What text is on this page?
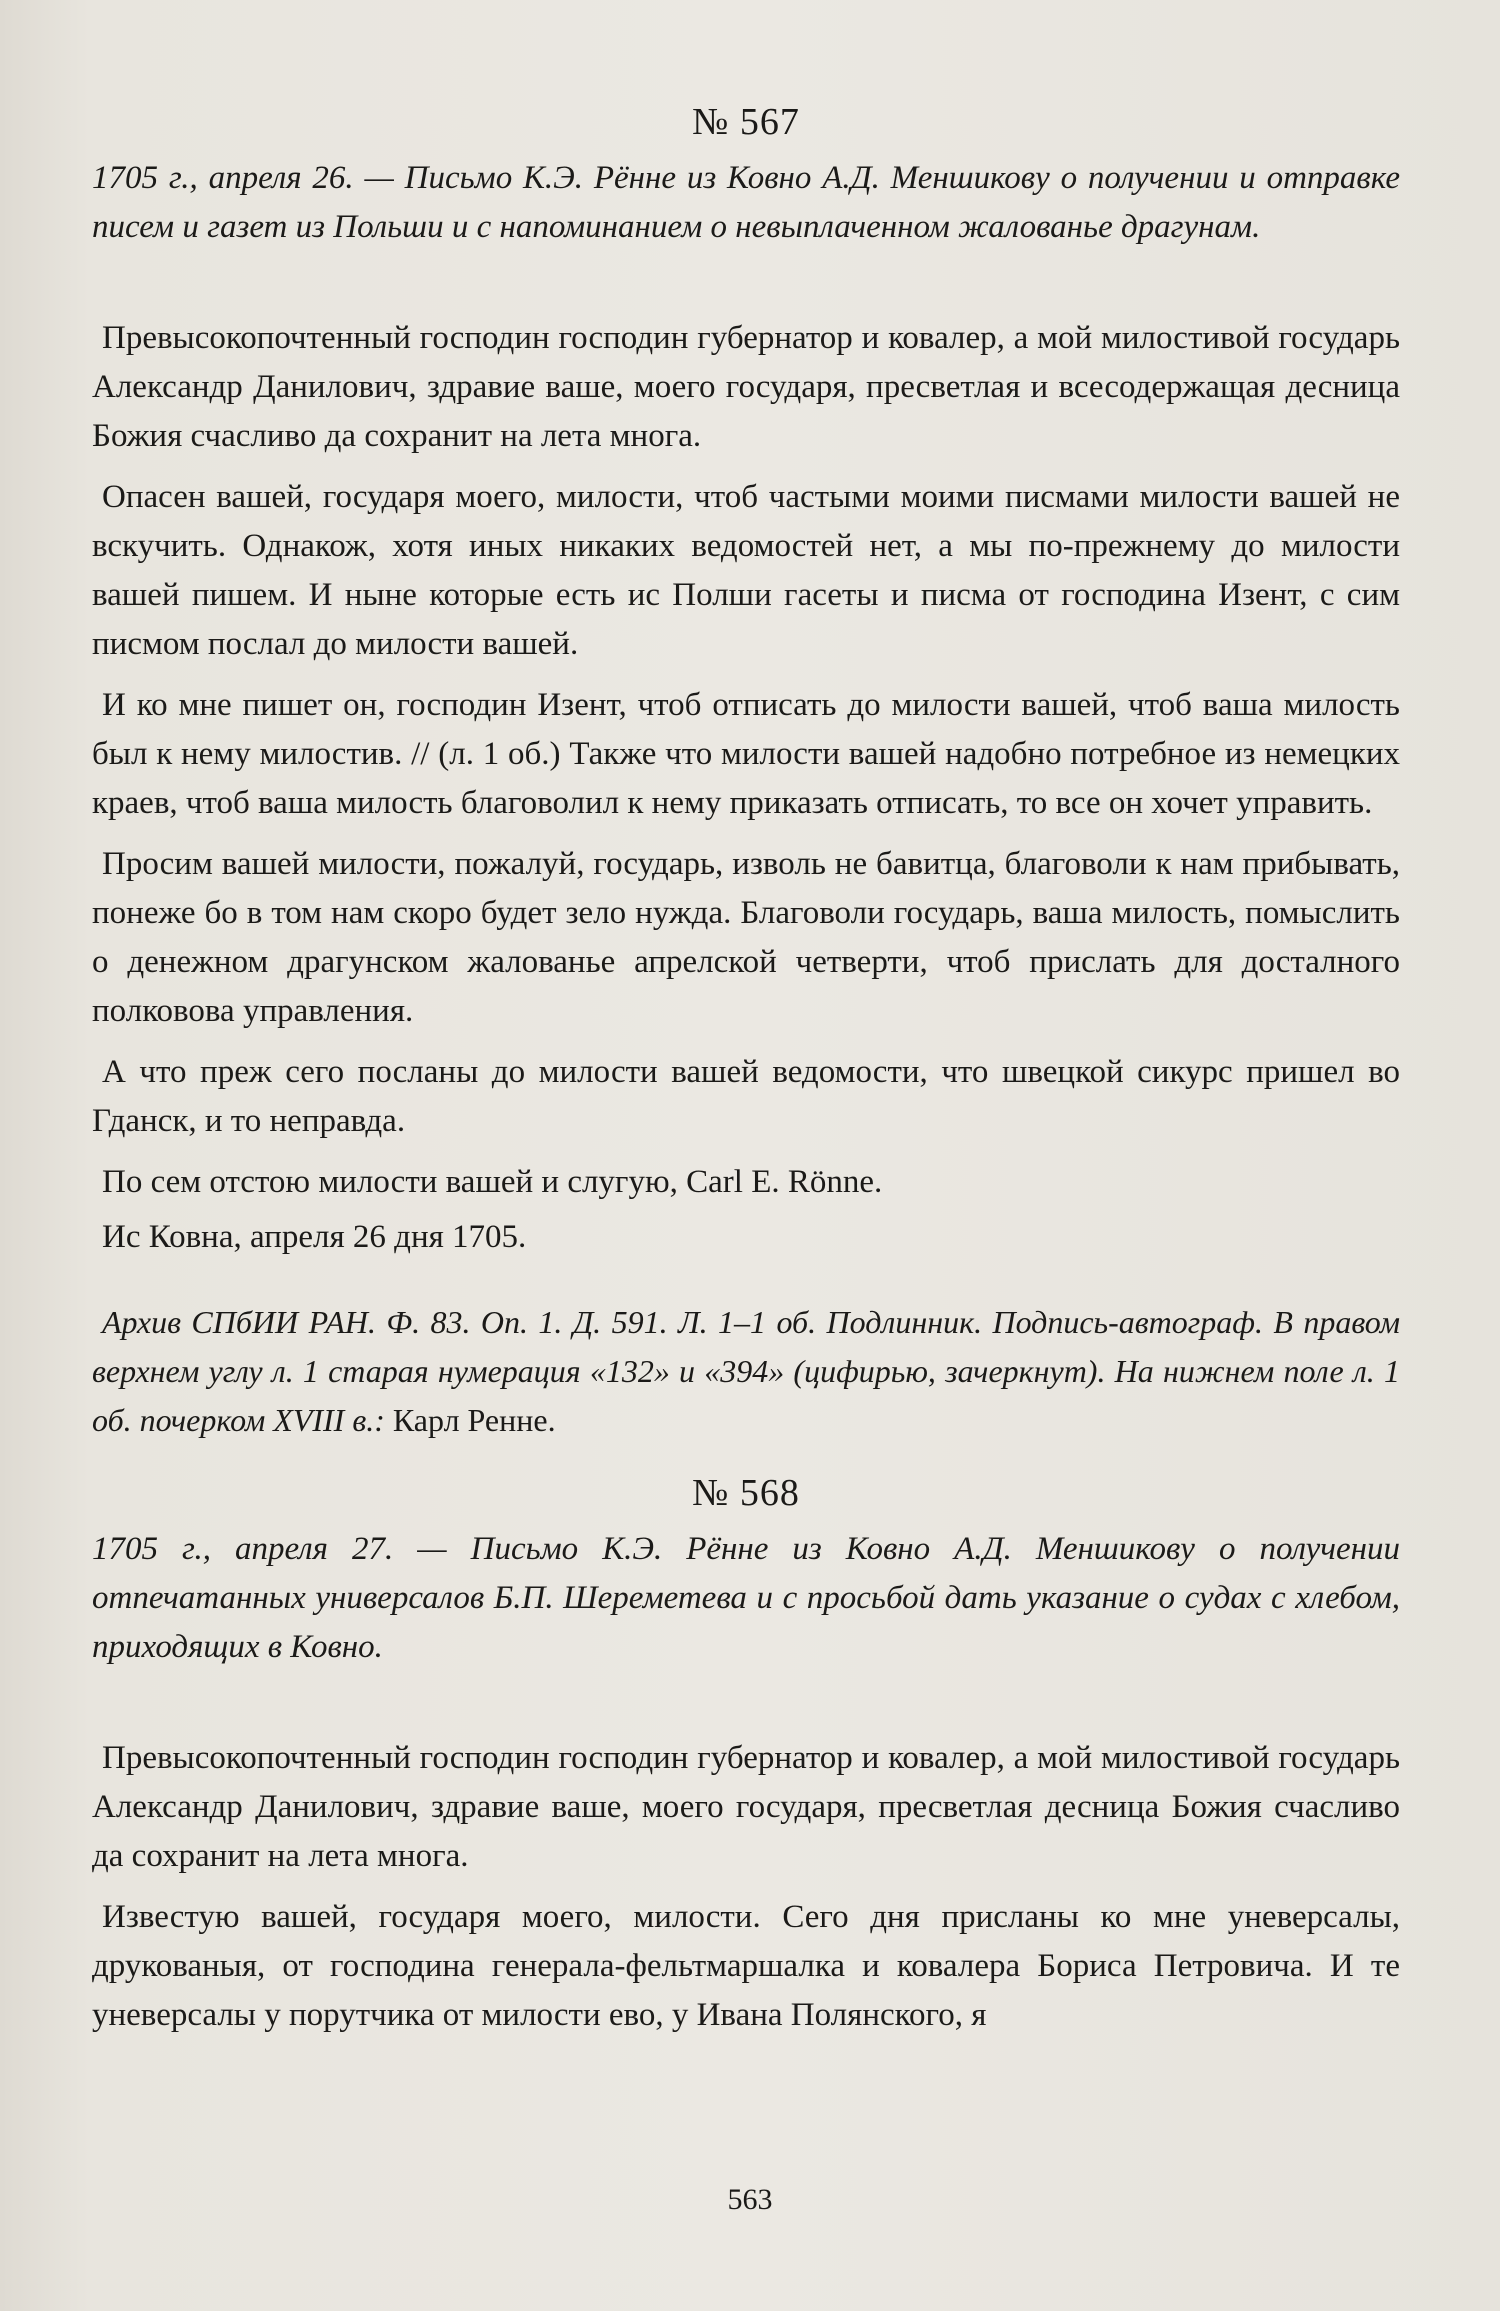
№ 567
1705 г., апреля 26. — Письмо К.Э. Рённе из Ковно А.Д. Меншикову о получении и отправке писем и газет из Польши и с напоминанием о невыплаченном жалованье драгунам.

Превысокопочтенный господин господин губернатор и ковалер, а мой милостивой государь Александр Данилович, здравие ваше, моего государя, пресветлая и всесодержащая десница Божия счасливо да сохранит на лета многа.

Опасен вашей, государя моего, милости, чтоб частыми моими писмами милости вашей не вскучить. Однакож, хотя иных никаких ведомостей нет, а мы по-прежнему до милости вашей пишем. И ныне которые есть ис Полши гасеты и писма от господина Изент, с сим писмом послал до милости вашей.

И ко мне пишет он, господин Изент, чтоб отписать до милости вашей, чтоб ваша милость был к нему милостив. // (л. 1 об.) Также что милости вашей надобно потребное из немецких краев, чтоб ваша милость благоволил к нему приказать отписать, то все он хочет управить.

Просим вашей милости, пожалуй, государь, изволь не бавитца, благоволи к нам прибывать, понеже бо в том нам скоро будет зело нужда. Благоволи государь, ваша милость, помыслить о денежном драгунском жалованье апрелской четверти, чтоб прислать для досталного полковова управления.

А что преж сего посланы до милости вашей ведомости, что швецкой сикурс пришел во Гданск, и то неправда.

По сем отстою милости вашей и слугую, Carl E. Rönne.

Ис Ковна, апреля 26 дня 1705.

Архив СПбИИ РАН. Ф. 83. Оп. 1. Д. 591. Л. 1–1 об. Подлинник. Подпись-автограф. В правом верхнем углу л. 1 старая нумерация «132» и «394» (цифирью, зачеркнут). На нижнем поле л. 1 об. почерком XVIII в.: Карл Ренне.

№ 568
1705 г., апреля 27. — Письмо К.Э. Рённе из Ковно А.Д. Меншикову о получении отпечатанных универсалов Б.П. Шереметева и с просьбой дать указание о судах с хлебом, приходящих в Ковно.

Превысокопочтенный господин господин губернатор и ковалер, а мой милостивой государь Александр Данилович, здравие ваше, моего государя, пресветлая десница Божия счасливо да сохранит на лета многа.

Известую вашей, государя моего, милости. Сего дня присланы ко мне уневерсалы, друкованыя, от господина генерала-фельтмаршалка и ковалера Бориса Петровича. И те уневерсалы у порутчика от милости ево, у Ивана Полянского, я

563
